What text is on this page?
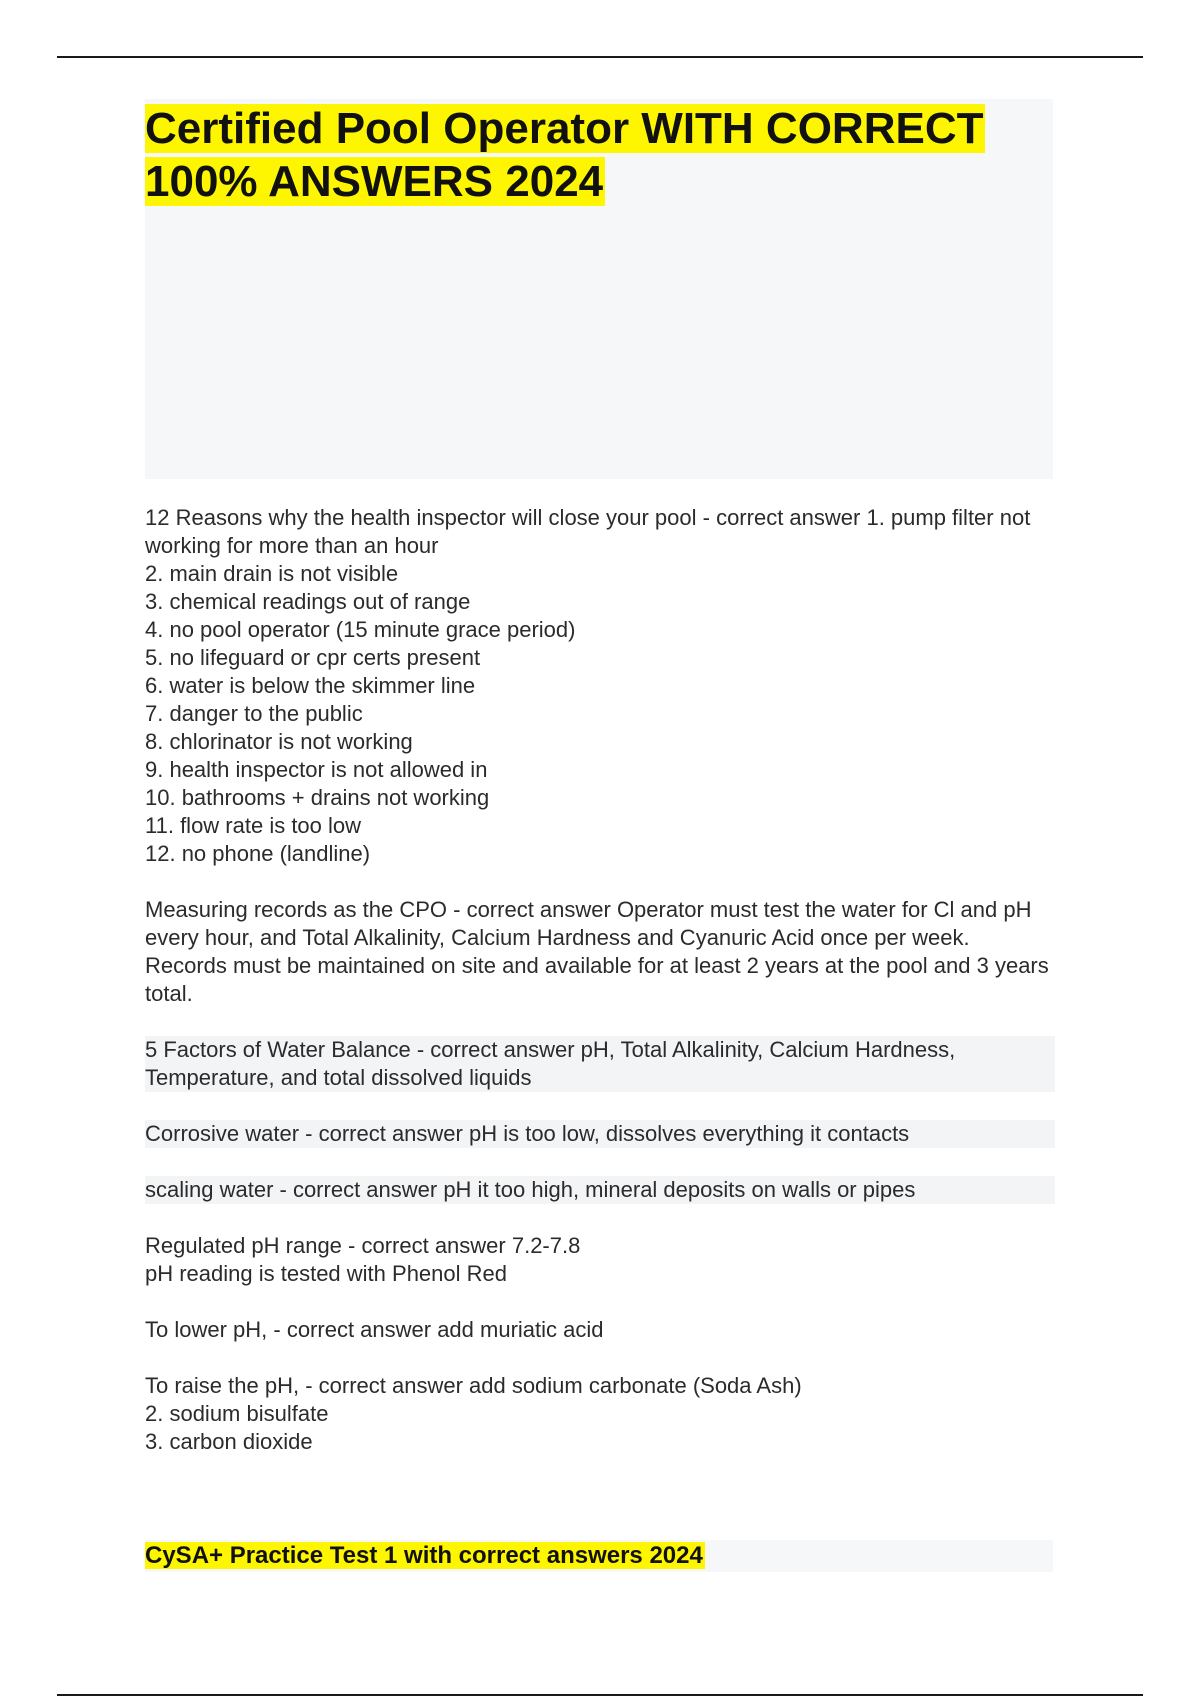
Certified Pool Operator WITH CORRECT 100% ANSWERS 2024

12 Reasons why the health inspector will close your pool - correct answer 1. pump filter not working for more than an hour

2. main drain is not visible

3. chemical readings out of range

4. no pool operator (15 minute grace period)

5. no lifeguard or cpr certs present

6. water is below the skimmer line

7. danger to the public

8. chlorinator is not working

9. health inspector is not allowed in

10. bathrooms + drains not working

11. flow rate is too low

12. no phone (landline)

Measuring records as the CPO - correct answer Operator must test the water for Cl and pH every hour, and Total Alkalinity, Calcium Hardness and Cyanuric Acid once per week. Records must be maintained on site and available for at least 2 years at the pool and 3 years total.

5 Factors of Water Balance - correct answer pH, Total Alkalinity, Calcium Hardness, Temperature, and total dissolved liquids

Corrosive water - correct answer pH is too low, dissolves everything it contacts

scaling water - correct answer pH it too high, mineral deposits on walls or pipes

Regulated pH range - correct answer 7.2-7.8

pH reading is tested with Phenol Red

To lower pH, - correct answer add muriatic acid

To raise the pH, - correct answer add sodium carbonate (Soda Ash)

2. sodium bisulfate

3. carbon dioxide

CySA+ Practice Test 1 with correct answers 2024
